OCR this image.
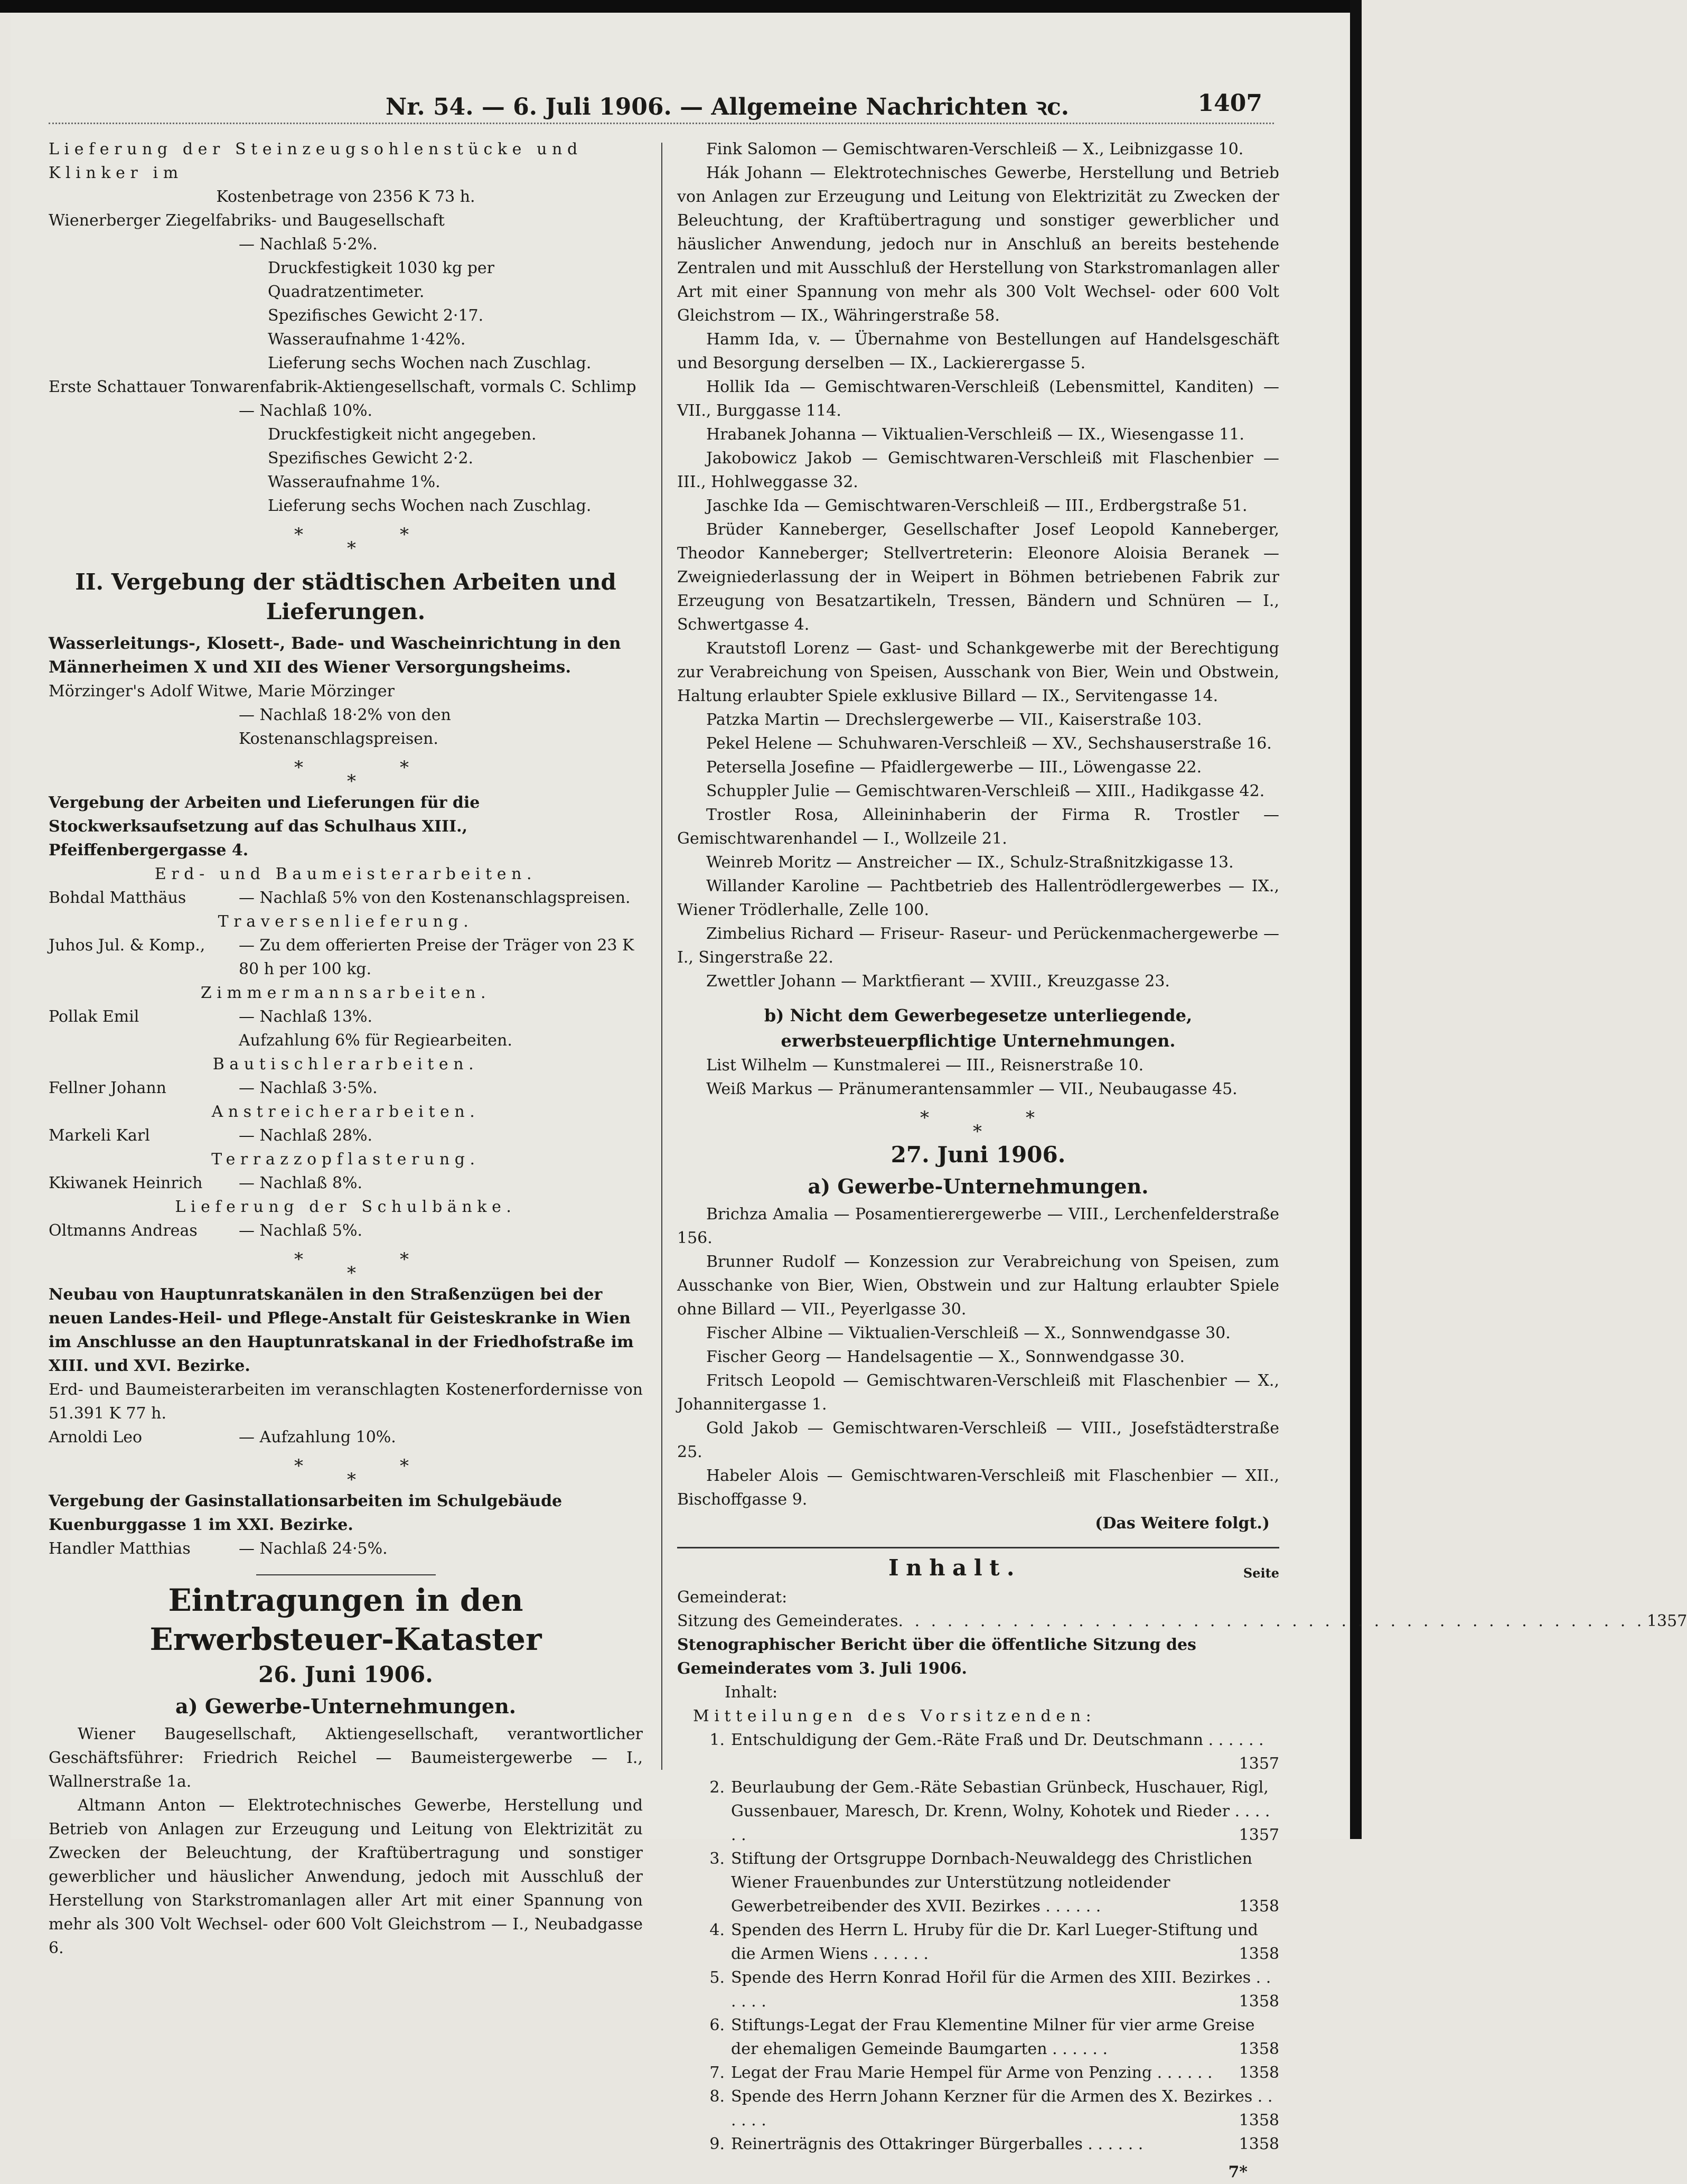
Nr. 54. — 6. Juli 1906. — Allgemeine Nachrichten ꝛc.	1407

Lieferung der Steinzeugsohlenstücke und Klinker im

Kostenbetrage von 2356 K 73 h.

Wienerberger Ziegelfabriks- und Baugesellschaft

— Nachlaß 5·2%.

Druckfestigkeit 1030 kg per Quadratzentimeter.

Spezifisches Gewicht 2·17.

Wasseraufnahme 1·42%.

Lieferung sechs Wochen nach Zuschlag.

Erste Schattauer Tonwarenfabrik-Aktiengesellschaft, vormals C. Schlimp

— Nachlaß 10%.

Druckfestigkeit nicht angegeben.

Spezifisches Gewicht 2·2.

Wasseraufnahme 1%.

Lieferung sechs Wochen nach Zuschlag.

*	*
*
II. Vergebung der städtischen Arbeiten und Lieferungen.

Wasserleitungs-, Klosett-, Bade- und Wascheinrichtung in den Männerheimen X und XII des Wiener Versorgungsheims.

Mörzinger's Adolf Witwe, Marie Mörzinger

— Nachlaß 18·2% von den Kostenanschlagspreisen.

*	*
*

Vergebung der Arbeiten und Lieferungen für die Stockwerksaufsetzung auf das Schulhaus XIII., Pfeiffenbergergasse 4.

Erd- und Baumeisterarbeiten.

Bohdal Matthäus	— Nachlaß 5% von den Kostenanschlagspreisen.

Traversenlieferung.

Juhos Jul. & Komp.,	— Zu dem offerierten Preise der Träger von 23 K 80 h per 100 kg.

Zimmermannsarbeiten.

Pollak Emil	— Nachlaß 13%.

Aufzahlung 6% für Regiearbeiten.

Bautischlerarbeiten.

Fellner Johann	— Nachlaß 3·5%.

Anstreicherarbeiten.

Markeli Karl	— Nachlaß 28%.

Terrazzopflasterung.

Kkiwanek Heinrich	— Nachlaß 8%.

Lieferung der Schulbänke.

Oltmanns Andreas	— Nachlaß 5%.
*	*
*

Neubau von Hauptunratskanälen in den Straßenzügen bei der neuen Landes-Heil- und Pflege-Anstalt für Geisteskranke in Wien im Anschlusse an den Hauptunratskanal in der Friedhofstraße im XIII. und XVI. Bezirke.

Erd- und Baumeisterarbeiten im veranschlagten Kostenerfordernisse von 51.391 K 77 h.

Arnoldi Leo	— Aufzahlung 10%.
*	*
*

Vergebung der Gasinstallationsarbeiten im Schulgebäude Kuenburggasse 1 im XXI. Bezirke.

Handler Matthias	— Nachlaß 24·5%.
Eintragungen in den Erwerbsteuer-Kataster
26. Juni 1906.
a) Gewerbe-Unternehmungen.

Wiener Baugesellschaft, Aktiengesellschaft, verantwortlicher Geschäftsführer: Friedrich Reichel — Baumeistergewerbe — I., Wallnerstraße 1a.

Altmann Anton — Elektrotechnisches Gewerbe, Herstellung und Betrieb von Anlagen zur Erzeugung und Leitung von Elektrizität zu Zwecken der Beleuchtung, der Kraftübertragung und sonstiger gewerblicher und häuslicher Anwendung, jedoch mit Ausschluß der Herstellung von Starkstromanlagen aller Art mit einer Spannung von mehr als 300 Volt Wechsel- oder 600 Volt Gleichstrom — I., Neubadgasse 6.

Fink Salomon — Gemischtwaren-Verschleiß — X., Leibnizgasse 10.

Hák Johann — Elektrotechnisches Gewerbe, Herstellung und Betrieb von Anlagen zur Erzeugung und Leitung von Elektrizität zu Zwecken der Beleuchtung, der Kraftübertragung und sonstiger gewerblicher und häuslicher Anwendung, jedoch nur in Anschluß an bereits bestehende Zentralen und mit Ausschluß der Herstellung von Starkstromanlagen aller Art mit einer Spannung von mehr als 300 Volt Wechsel- oder 600 Volt Gleichstrom — IX., Währingerstraße 58.

Hamm Ida, v. — Übernahme von Bestellungen auf Handelsgeschäft und Besorgung derselben — IX., Lackierergasse 5.

Hollik Ida — Gemischtwaren-Verschleiß (Lebensmittel, Kanditen) — VII., Burggasse 114.

Hrabanek Johanna — Viktualien-Verschleiß — IX., Wiesengasse 11.

Jakobowicz Jakob — Gemischtwaren-Verschleiß mit Flaschenbier — III., Hohlweggasse 32.

Jaschke Ida — Gemischtwaren-Verschleiß — III., Erdbergstraße 51.

Brüder Kanneberger, Gesellschafter Josef Leopold Kanneberger, Theodor Kanneberger; Stellvertreterin: Eleonore Aloisia Beranek — Zweigniederlassung der in Weipert in Böhmen betriebenen Fabrik zur Erzeugung von Besatzartikeln, Tressen, Bändern und Schnüren — I., Schwertgasse 4.

Krautstofl Lorenz — Gast- und Schankgewerbe mit der Berechtigung zur Verabreichung von Speisen, Ausschank von Bier, Wein und Obstwein, Haltung erlaubter Spiele exklusive Billard — IX., Servitengasse 14.

Patzka Martin — Drechslergewerbe — VII., Kaiserstraße 103.

Pekel Helene — Schuhwaren-Verschleiß — XV., Sechshauserstraße 16.

Petersella Josefine — Pfaidlergewerbe — III., Löwengasse 22.

Schuppler Julie — Gemischtwaren-Verschleiß — XIII., Hadikgasse 42.

Trostler Rosa, Alleininhaberin der Firma R. Trostler — Gemischtwarenhandel — I., Wollzeile 21.

Weinreb Moritz — Anstreicher — IX., Schulz-Straßnitzkigasse 13.

Willander Karoline — Pachtbetrieb des Hallentrödlergewerbes — IX., Wiener Trödlerhalle, Zelle 100.

Zimbelius Richard — Friseur- Raseur- und Perückenmachergewerbe — I., Singerstraße 22.

Zwettler Johann — Marktfierant — XVIII., Kreuzgasse 23.

b) Nicht dem Gewerbegesetze unterliegende, erwerbsteuerpflichtige Unternehmungen.

List Wilhelm — Kunstmalerei — III., Reisnerstraße 10.

Weiß Markus — Pränumerantensammler — VII., Neubaugasse 45.

*	*
*
27. Juni 1906.
a) Gewerbe-Unternehmungen.

Brichza Amalia — Posamentierergewerbe — VIII., Lerchenfelderstraße 156.

Brunner Rudolf — Konzession zur Verabreichung von Speisen, zum Ausschanke von Bier, Wien, Obstwein und zur Haltung erlaubter Spiele ohne Billard — VII., Peyerlgasse 30.

Fischer Albine — Viktualien-Verschleiß — X., Sonnwendgasse 30.

Fischer Georg — Handelsagentie — X., Sonnwendgasse 30.

Fritsch Leopold — Gemischtwaren-Verschleiß mit Flaschenbier — X., Johannitergasse 1.

Gold Jakob — Gemischtwaren-Verschleiß — VIII., Josefstädterstraße 25.

Habeler Alois — Gemischtwaren-Verschleiß mit Flaschenbier — XII., Bischoffgasse 9.

(Das Weitere folgt.)

Inhalt.	Seite

Gemeinderat:

Sitzung des Gemeinderates . . . . . . . . . . . . . . . . . . . . . . . . . . . . . . . . . . . . . . . . . . . . . . 1357

Stenographischer Bericht über die öffentliche Sitzung des Gemeinderates vom 3. Juli 1906.

Inhalt:

Mitteilungen des Vorsitzenden:

1. Entschuldigung der Gem.-Räte Fraß und Dr. Deutschmann . . . . . .
1357
2. Beurlaubung der Gem.-Räte Sebastian Grünbeck, Huschauer, Rigl, Gussenbauer, Maresch, Dr. Krenn, Wolny, Kohotek und Rieder . . . . . .	1357
3. Stiftung der Ortsgruppe Dornbach-Neuwaldegg des Christlichen Wiener Frauenbundes zur Unterstützung notleidender Gewerbetreibender des XVII. Bezirkes . . . . . .	1358
4. Spenden des Herrn L. Hruby für die Dr. Karl Lueger-Stiftung und die Armen Wiens . . . . . .	1358
5. Spende des Herrn Konrad Hořil für die Armen des XIII. Bezirkes . . . . . .	1358
6. Stiftungs-Legat der Frau Klementine Milner für vier arme Greise der ehemaligen Gemeinde Baumgarten . . . . . .	1358
7. Legat der Frau Marie Hempel für Arme von Penzing . . . . . . 1358
8. Spende des Herrn Johann Kerzner für die Armen des X. Bezirkes . . . . . .	1358
9. Reinerträgnis des Ottakringer Bürgerballes . . . . . .	1358

7*
